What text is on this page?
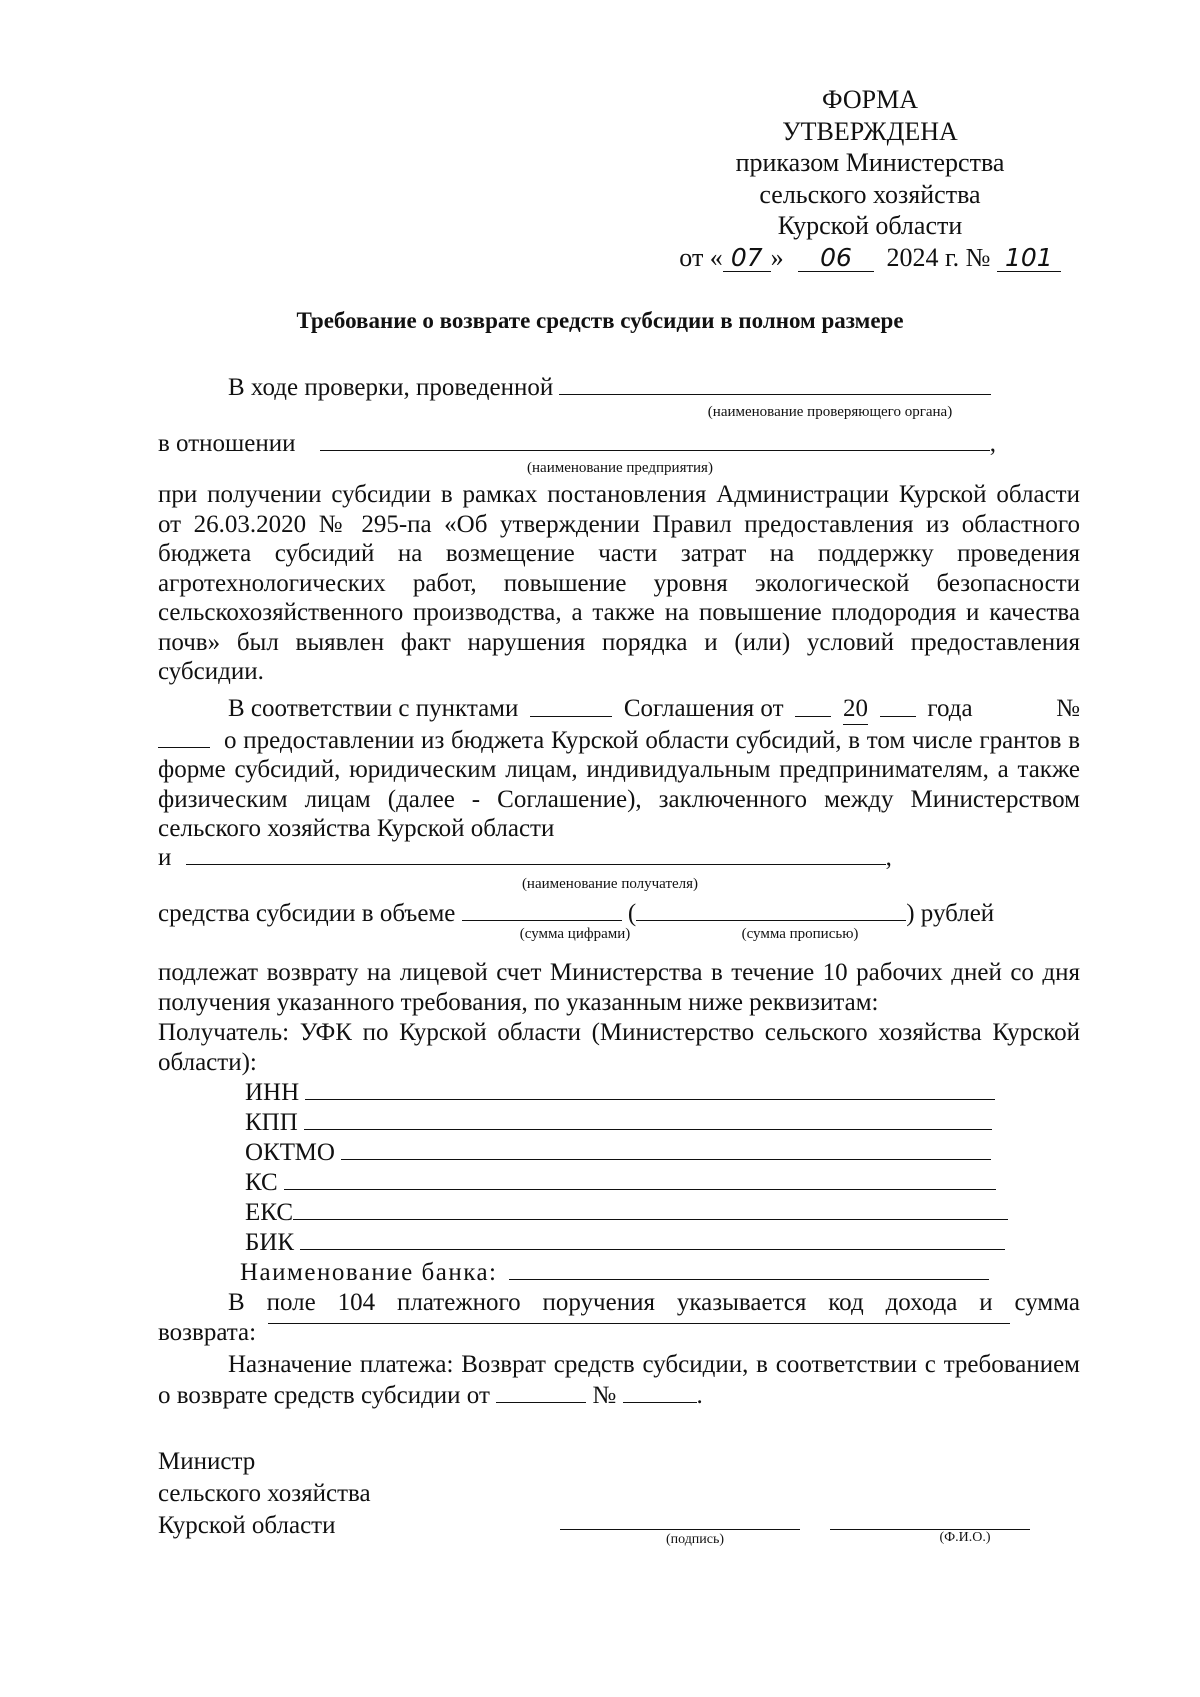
ФОРМА
УТВЕРЖДЕНА
приказом Министерства
сельского хозяйства
Курской области
от « 07 » 06 2024 г. № 101
Требование о возврате средств субсидии в полном размере
В ходе проверки, проведенной
(наименование проверяющего органа)
в отношении	,
(наименование предприятия)
при получении субсидии в рамках постановления Администрации Курской области от 26.03.2020 № 295-па «Об утверждении Правил предоставления из областного бюджета субсидий на возмещение части затрат на поддержку проведения агротехнологических работ, повышение уровня экологической безопасности сельскохозяйственного производства, а также на повышение плодородия и качества почв» был выявлен факт нарушения порядка и (или) условий предоставления субсидии.
В соответствии с пунктами	Соглашения от 20 года	№
о предоставлении из бюджета Курской области субсидий, в том числе грантов в форме субсидий, юридическим лицам, индивидуальным предпринимателям, а также физическим лицам (далее - Соглашение), заключенного между Министерством сельского хозяйства Курской области
и	,
(наименование получателя)
средства субсидии в объеме	(	) рублей
(сумма цифрами)	(сумма прописью)
подлежат возврату на лицевой счет Министерства в течение 10 рабочих дней со дня получения указанного требования, по указанным ниже реквизитам:
Получатель: УФК по Курской области (Министерство сельского хозяйства Курской области):
ИНН
КПП
ОКТМО
КС
ЕКС
БИК
Наименование банка:
В поле 104 платежного поручения указывается код дохода и сумма возврата:
Назначение платежа: Возврат средств субсидии, в соответствии с требованием о возврате средств субсидии от	№	.
Министр
сельского хозяйства
Курской области
(подпись)	(Ф.И.О.)
